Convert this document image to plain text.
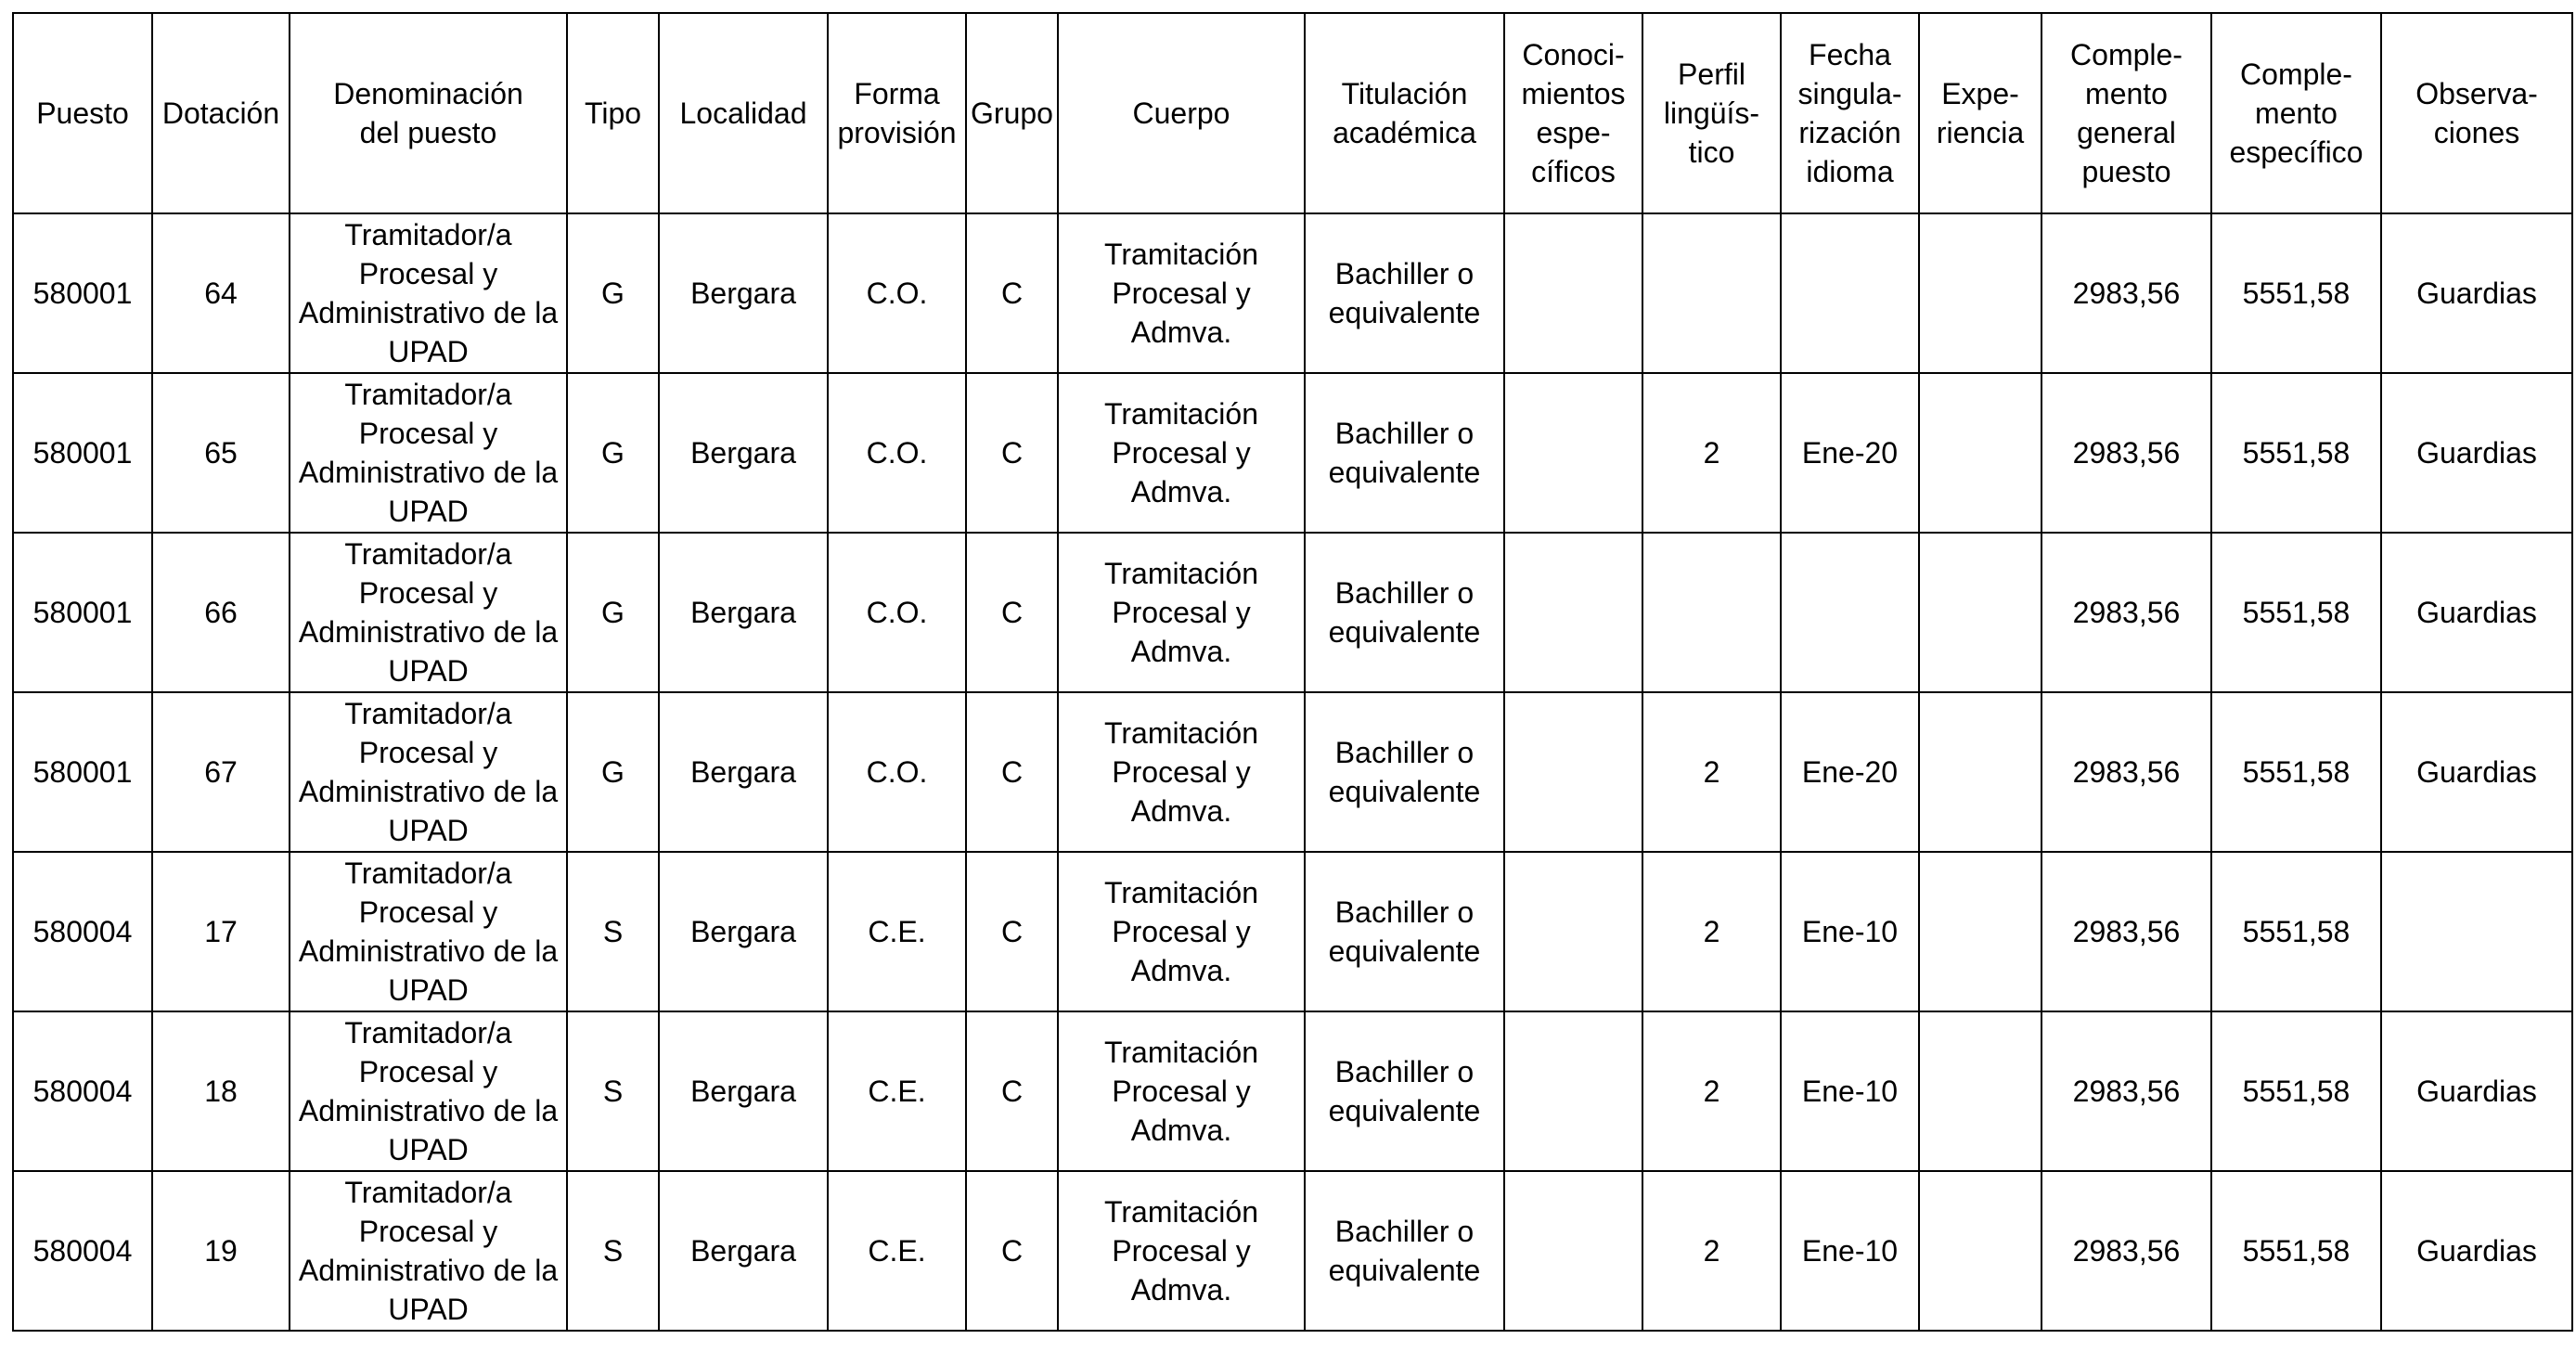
Puesto	Dotación	Denominación
del puesto	Tipo	Localidad	Forma
provisión	Grupo	Cuerpo	Titulación
académica	Conoci-
mientos
espe-
cíficos	Perfil
lingüís-
tico	Fecha
singula-
rización
idioma	Expe-
riencia	Comple-
mento
general
puesto	Comple-
mento
específico	Observa-
ciones
580001	64	Tramitador/a
Procesal y
Administrativo de la
UPAD	G	Bergara	C.O.	C	Tramitación
Procesal y
Admva.	Bachiller o
equivalente					2983,56	5551,58	Guardias
580001	65	Tramitador/a
Procesal y
Administrativo de la
UPAD	G	Bergara	C.O.	C	Tramitación
Procesal y
Admva.	Bachiller o
equivalente		2	Ene-20		2983,56	5551,58	Guardias
580001	66	Tramitador/a
Procesal y
Administrativo de la
UPAD	G	Bergara	C.O.	C	Tramitación
Procesal y
Admva.	Bachiller o
equivalente					2983,56	5551,58	Guardias
580001	67	Tramitador/a
Procesal y
Administrativo de la
UPAD	G	Bergara	C.O.	C	Tramitación
Procesal y
Admva.	Bachiller o
equivalente		2	Ene-20		2983,56	5551,58	Guardias
580004	17	Tramitador/a
Procesal y
Administrativo de la
UPAD	S	Bergara	C.E.	C	Tramitación
Procesal y
Admva.	Bachiller o
equivalente		2	Ene-10		2983,56	5551,58	
580004	18	Tramitador/a
Procesal y
Administrativo de la
UPAD	S	Bergara	C.E.	C	Tramitación
Procesal y
Admva.	Bachiller o
equivalente		2	Ene-10		2983,56	5551,58	Guardias
580004	19	Tramitador/a
Procesal y
Administrativo de la
UPAD	S	Bergara	C.E.	C	Tramitación
Procesal y
Admva.	Bachiller o
equivalente		2	Ene-10		2983,56	5551,58	Guardias
